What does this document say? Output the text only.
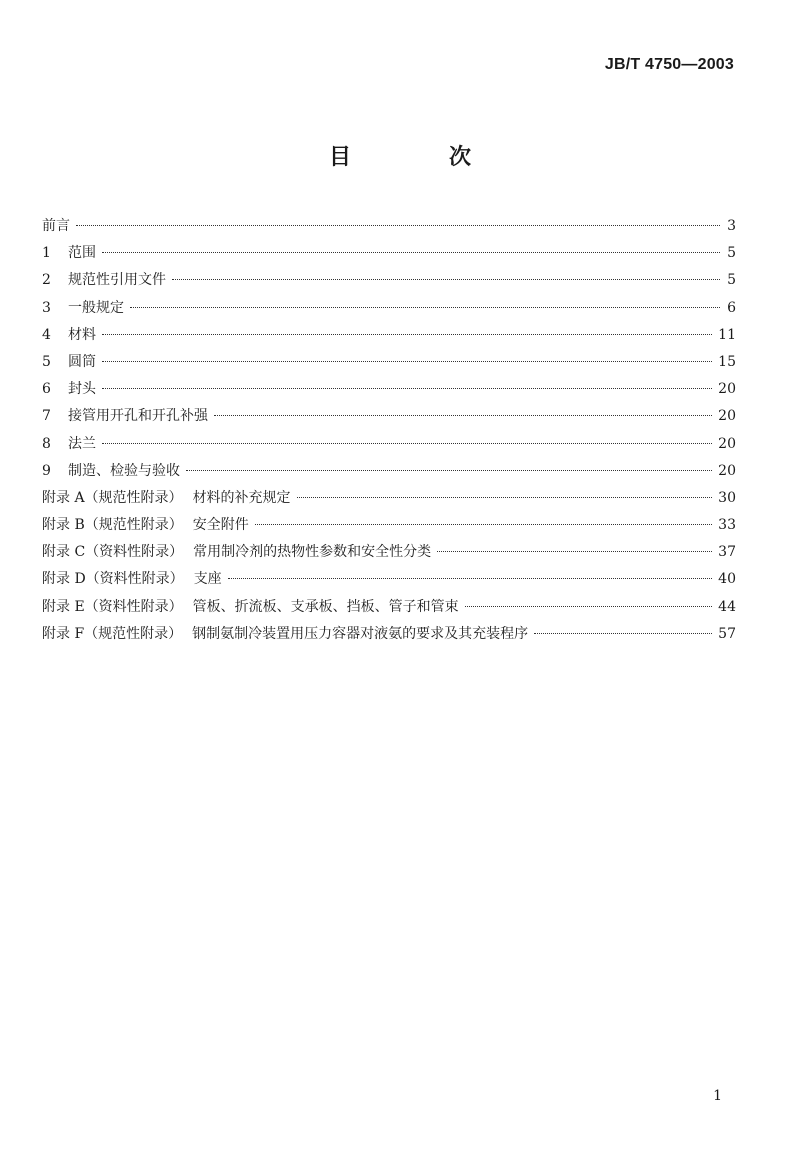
JB/T 4750—2003
目　次
前言	3
1	范围	5
2	规范性引用文件	5
3	一般规定	6
4	材料	11
5	圆筒	15
6	封头	20
7	接管用开孔和开孔补强	20
8	法兰	20
9	制造、检验与验收	20
附录 A（规范性附录） 材料的补充规定	30
附录 B（规范性附录） 安全附件	33
附录 C（资料性附录） 常用制冷剂的热物性参数和安全性分类	37
附录 D（资料性附录） 支座	40
附录 E（资料性附录） 管板、折流板、支承板、挡板、管子和管束	44
附录 F（规范性附录） 钢制氨制冷装置用压力容器对液氨的要求及其充装程序	57
1
